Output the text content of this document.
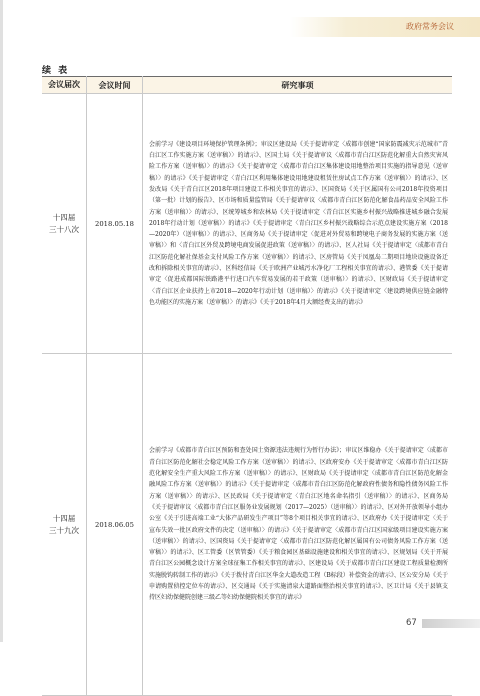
政府常务会议
续 表
会议届次	会议时间	研究事项
十四届
三十八次	2018.05.18	会前学习《建设项目环境保护管理条例》；审议区建设局《关于提请审定〈成都市创建“国家防震减灾示范城市”青白江区工作实施方案（送审稿）〉的请示》、区国土局《关于提请审议〈成都市青白江区防范化解重大自然灾害风险工作方案（送审稿）〉的请示》《关于提请审定〈成都市青白江区集体建设用地整治项目实施的指导意见（送审稿）〉的请示》《关于提请审定〈青白江区利用集体建设用地建设租赁住房试点工作方案（送审稿）〉的请示》、区发改局《关于青白江区2018年项目建设工作相关事宜的请示》、区国资局《关于区属国有公司2018年投资项目（第一批）计划的报告》、区市场和质量监管局《关于提请审议〈成都市青白江区防范化解食品药品安全风险工作方案（送审稿）〉的请示》、区统筹城乡和农林局《关于提请审定〈青白江区实施乡村振兴战略推进城乡融合发展2018年行动计划（送审稿）〉的请示》《关于提请审定〈青白江区乡村振兴战略综合示范点建设实施方案（2018—2020年）（送审稿）〉的请示》、区商务局《关于提请审定〈促进对外贸易和跨境电子商务发展的实施方案（送审稿）〉和〈青白江区外贸及跨境电商发展促进政策（送审稿）〉的请示》、区人社局《关于提请审定〈成都市青白江区防范化解社保基金支付风险工作方案（送审稿）〉的请示》、区房管局《关于凤凰岛二期项目地块设施设备迁改和拆除相关事宜的请示》、区科经信局《关于欧洲产业城污水净化厂工程相关事宜的请示》、港管委《关于提请审定〈促进成都国际铁路港平行进口汽车贸易发展的若干政策（送审稿）〉的请示》、区财政局《关于提请审定〈青白江区企业扶持上市2018—2020年行动计划（送审稿）〉的请示》《关于提请审定〈建设跨境供应链金融特色功能区的实施方案（送审稿）〉的请示》《关于2018年4月大额经费支出的请示》
十四届
三十九次	2018.06.05	会前学习《成都市青白江区预防和查处国土资源违法违规行为暂行办法》；审议区维稳办《关于提请审定〈成都市青白江区防范化解社会稳定风险工作方案（送审稿）〉的请示》、区政府安办《关于提请审定〈成都市青白江区防范化解安全生产重大风险工作方案（送审稿）〉的请示》、区财政局《关于提请审定〈成都市青白江区防范化解金融风险工作方案（送审稿）〉的请示》《关于提请审定〈成都市青白江区防范化解政府性债务和隐性债务风险工作方案（送审稿）〉的请示》、区民政局《关于提请审定〈青白江区地名命名指引（送审稿）〉的请示》、区商务局《关于提请审议〈成都市青白江区服务业发展规划（2017—2025）（送审稿）〉的请示》、区对外开放领导小组办公室《关于引进高端工业“大体产品研发生产项目”等8个项目相关事宜的请示》、区政府办《关于提请审定〈关于宣布失效一批区政府文件的决定（送审稿）〉的请示》《关于提请审定〈成都市青白江区国家级项目建设实施方案（送审稿）〉的请示》、区国资局《关于提请审定〈成都市青白江区防范化解区属国有公司债务风险工作方案（送审稿）〉的请示》、区工管委（区管管委）《关于粮食园区基础设施建设和相关事宜的请示》、区规划局《关于开展青白江区公园概念设计方案全球征集工作相关事宜的请示》、区建设局《关于成都市青白江区建设工程质量检测所实施脱钩转制工作的请示》《关于拨付青白江区华金大道改造工程（B标段）补偿资金的请示》、区公安分局《关于申请购置侦控定位车的请示》、区交通局《关于实施清泉大道路面整治相关事宜的请示》、区卫计局《关于县镇支持区妇幼保健院创建三级乙等妇幼保健院相关事宜的请示》
67
